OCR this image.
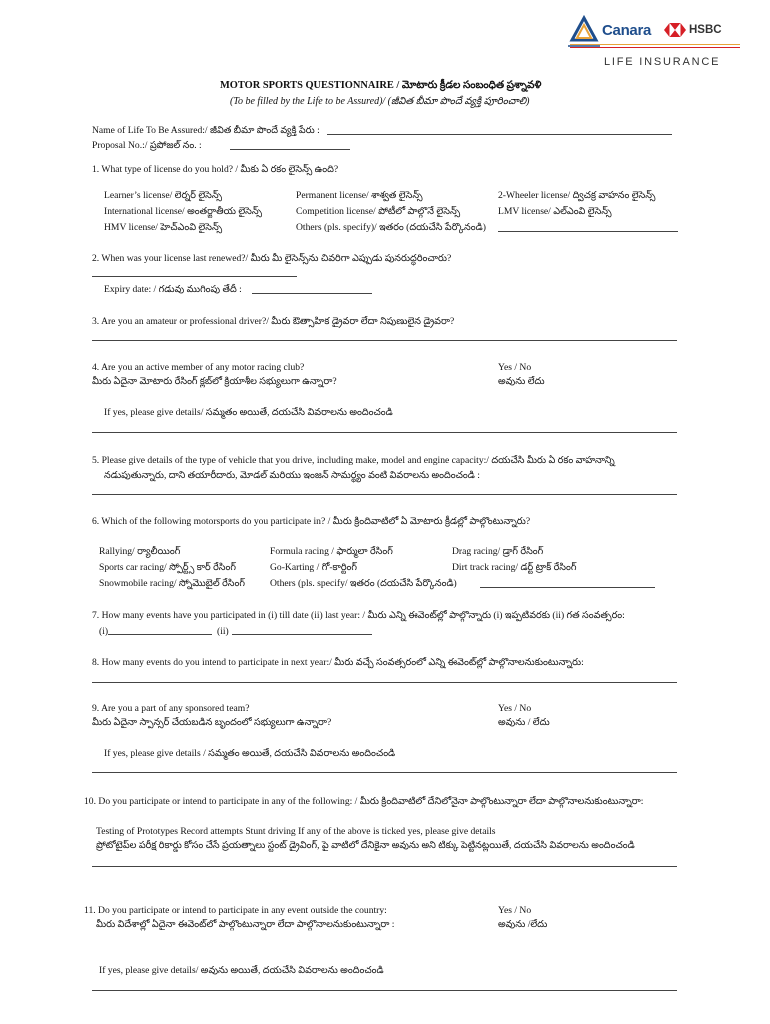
Canara	HSBC
LIFE INSURANCE
MOTOR SPORTS QUESTIONNAIRE / మోటారు క్రీడల సంబంధిత ప్రశ్నావళి
(To be filled by the Life to be Assured)/ (జీవిత బీమా పొందే వ్యక్తి పూరించాలి)
Name of Life To Be Assured:/ జీవిత బీమా పొందే వ్యక్తి పేరు :
Proposal No.:/ ప్రపోజల్ నం. :
1. What type of license do you hold? / మీకు ఏ రకం లైసెన్స్ ఉంది?
Learner’s license/ లెర్నర్ లైసెన్స్	Permanent license/ శాశ్వత లైసెన్స్	2-Wheeler license/ ద్విచక్ర వాహనం లైసెన్స్
International license/ అంతర్జాతీయ లైసెన్స్	Competition license/ పోటీలో పాల్గొనే లైసెన్స్	LMV license/ ఎల్ఎంవి లైసెన్స్
HMV license/ హెచ్ఎంవి లైసెన్స్	Others (pls. specify)/ ఇతరం (దయచేసి పేర్కొనండి)
2. When was your license last renewed?/ మీరు మీ లైసెన్స్‌ను చివరిగా ఎప్పుడు పునరుద్ధరించారు?
Expiry date: / గడువు ముగింపు తేదీ :
3. Are you an amateur or professional driver?/ మీరు ఔత్సాహిక డ్రైవరా లేదా నిపుణులైన డ్రైవరా?
4. Are you an active member of any motor racing club?
మీరు ఏదైనా మోటారు రేసింగ్ క్లబ్‌లో క్రియాశీల సభ్యులుగా ఉన్నారా?
Yes / No
అవును లేదు
If yes, please give details/ సమ్మతం అయితే, దయచేసి వివరాలను అందించండి
5. Please give details of the type of vehicle that you drive, including make, model and engine capacity:/ దయచేసి మీరు ఏ రకం వాహనాన్ని
నడుపుతున్నారు, దాని తయారీదారు, మోడల్ మరియు ఇంజన్ సామర్థ్యం వంటి వివరాలను అందించండి :
6. Which of the following motorsports do you participate in? / మీరు క్రిందివాటిలో ఏ మోటారు క్రీడల్లో పాల్గొంటున్నారు?
Rallying/ ర్యాలీయింగ్	Formula racing / ఫార్ములా రేసింగ్	Drag racing/ డ్రాగ్ రేసింగ్
Sports car racing/ స్పోర్ట్స్ కార్ రేసింగ్	Go-Karting / గో-కార్టింగ్	Dirt track racing/ డర్ట్ ట్రాక్ రేసింగ్
Snowmobile racing/ స్నోమొబైల్ రేసింగ్	Others (pls. specify/ ఇతరం (దయచేసి పేర్కొనండి)
7. How many events have you participated in (i) till date (ii) last year: / మీరు ఎన్ని ఈవెంట్‌ల్లో పాల్గొన్నారు (i) ఇప్పటివరకు (ii) గత సంవత్సరం:
(i)	(ii)
8. How many events do you intend to participate in next year:/ మీరు వచ్చే సంవత్సరంలో ఎన్ని ఈవెంట్‌ల్లో పాల్గొనాలనుకుంటున్నారు:
9. Are you a part of any sponsored team?
మీరు ఏదైనా స్పాన్సర్ చేయబడిన బృందంలో సభ్యులుగా ఉన్నారా?
Yes / No
అవును / లేదు
If yes, please give details / సమ్మతం అయితే, దయచేసి వివరాలను అందించండి
10. Do you participate or intend to participate in any of the following: / మీరు క్రిందివాటిలో దేనిలోనైనా పాల్గొంటున్నారా లేదా పాల్గొనాలనుకుంటున్నారా:
Testing of Prototypes Record attempts Stunt driving If any of the above is ticked yes, please give details
ప్రోటోటైప్‌ల పరీక్ష రికార్డు కోసం చేసే ప్రయత్నాలు స్టంట్ డ్రైవింగ్, పై వాటిలో దేనికైనా అవును అని టిక్కు పెట్టినట్లయితే, దయచేసి వివరాలను అందించండి
11. Do you participate or intend to participate in any event outside the country:
మీరు విదేశాల్లో ఏదైనా ఈవెంట్‌లో పాల్గొంటున్నారా లేదా పాల్గొనాలనుకుంటున్నారా :
Yes / No
అవును /లేదు
If yes, please give details/ అవును అయితే, దయచేసి వివరాలను అందించండి
